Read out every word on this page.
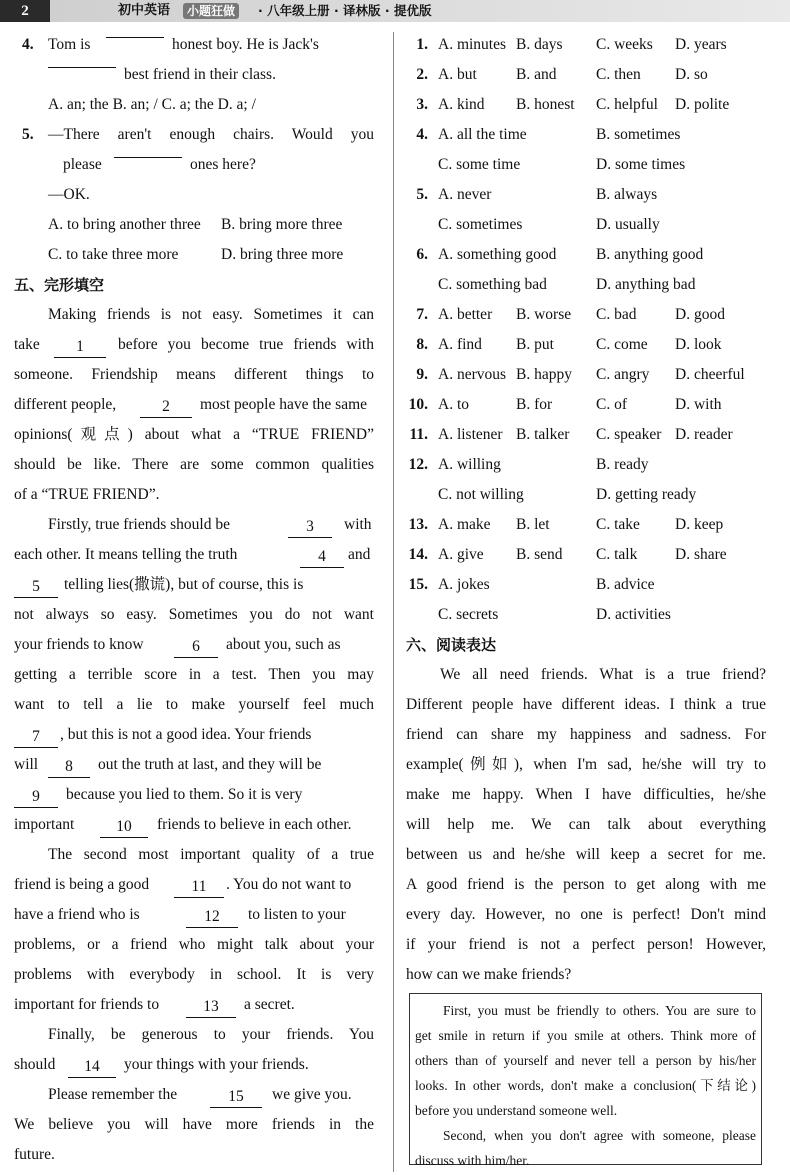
2	初中英语	小题狂做	· 八年级上册 · 译林版 · 提优版
4. Tom is	honest boy. He is Jack's
best friend in their class.
A. an; the B. an; / C. a; the D. a; /
5. —There aren't enough chairs. Would you
please	ones here?
—OK.
A. to bring another three B. bring more three
C. to take three more	D. bring three more
五、完形填空
Making friends is not easy. Sometimes it can
take	1	before you become true friends with
someone. Friendship means different things to
different people,	2	most people have the same
opinions(观点) about what a “TRUE FRIEND”
should be like. There are some common qualities
of a “TRUE FRIEND”.
Firstly, true friends should be	3	with
each other. It means telling the truth	4	and
5	telling lies(撒谎), but of course, this is
not always so easy. Sometimes you do not want
your friends to know	6	about you, such as
getting a terrible score in a test. Then you may
want to tell a lie to make yourself feel much
7	, but this is not a good idea. Your friends
will	8	out the truth at last, and they will be
9	because you lied to them. So it is very
important	10	friends to believe in each other.
The second most important quality of a true
friend is being a good	11	. You do not want to
have a friend who is	12	to listen to your
problems, or a friend who might talk about your
problems with everybody in school. It is very
important for friends to	13	a secret.
Finally, be generous to your friends. You
should	14	your things with your friends.
Please remember the	15	we give you.
We believe you will have more friends in the
future.
1. A. minutes B. days C. weeks D. years
2. A. but	B. and	C. then D. so
3. A. kind B. honest C. helpful D. polite
4. A. all the time	B. sometimes
C. some time	D. some times
5. A. never	B. always
C. sometimes	D. usually
6. A. something good	B. anything good
C. something bad	D. anything bad
7. A. better B. worse C. bad D. good
8. A. find B. put	C. come D. look
9. A. nervous B. happy C. angry D. cheerful
10. A. to	B. for	C. of	D. with
11. A. listener B. talker C. speaker D. reader
12. A. willing	B. ready
C. not willing	D. getting ready
13. A. make B. let	C. take D. keep
14. A. give B. send C. talk D. share
15. A. jokes	B. advice
C. secrets	D. activities
六、阅读表达
We all need friends. What is a true friend?
Different people have different ideas. I think a true
friend can share my happiness and sadness. For
example(例如), when I'm sad, he/she will try to
make me happy. When I have difficulties, he/she
will help me. We can talk about everything
between us and he/she will keep a secret for me.
A good friend is the person to get along with me
every day. However, no one is perfect! Don't mind
if your friend is not a perfect person! However,
how can we make friends?
First, you must be friendly to others. You are sure to
get smile in return if you smile at others. Think more of
others than of yourself and never tell a person by his/her
looks. In other words, don't make a conclusion(下结论)
before you understand someone well.
Second, when you don't agree with someone, please
discuss with him/her.
